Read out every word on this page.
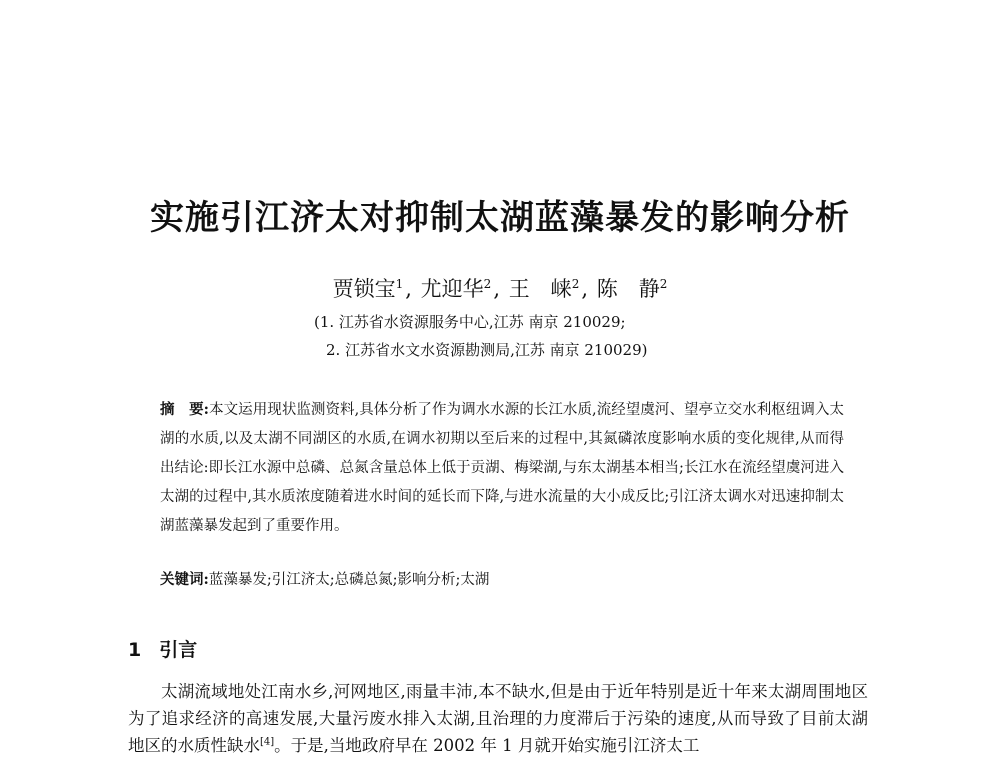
实施引江济太对抑制太湖蓝藻暴发的影响分析
贾锁宝$^1$, 尤迎华$^2$, 王　崃$^2$, 陈　静$^2$
(1. 江苏省水资源服务中心,江苏 南京 210029;
2. 江苏省水文水资源勘测局,江苏 南京 210029)
摘　要:本文运用现状监测资料,具体分析了作为调水水源的长江水质,流经望虞河、望亭立交水利枢纽调入太湖的水质,以及太湖不同湖区的水质,在调水初期以至后来的过程中,其氮磷浓度影响水质的变化规律,从而得出结论:即长江水源中总磷、总氮含量总体上低于贡湖、梅梁湖,与东太湖基本相当;长江水在流经望虞河进入太湖的过程中,其水质浓度随着进水时间的延长而下降,与进水流量的大小成反比;引江济太调水对迅速抑制太湖蓝藻暴发起到了重要作用。
关键词:蓝藻暴发;引江济太;总磷总氮;影响分析;太湖
1 引言
太湖流域地处江南水乡,河网地区,雨量丰沛,本不缺水,但是由于近年特别是近十年来太湖周围地区为了追求经济的高速发展,大量污废水排入太湖,且治理的力度滞后于污染的速度,从而导致了目前太湖地区的水质性缺水[4]。于是,当地政府早在 2002 年 1 月就开始实施引江济太工
